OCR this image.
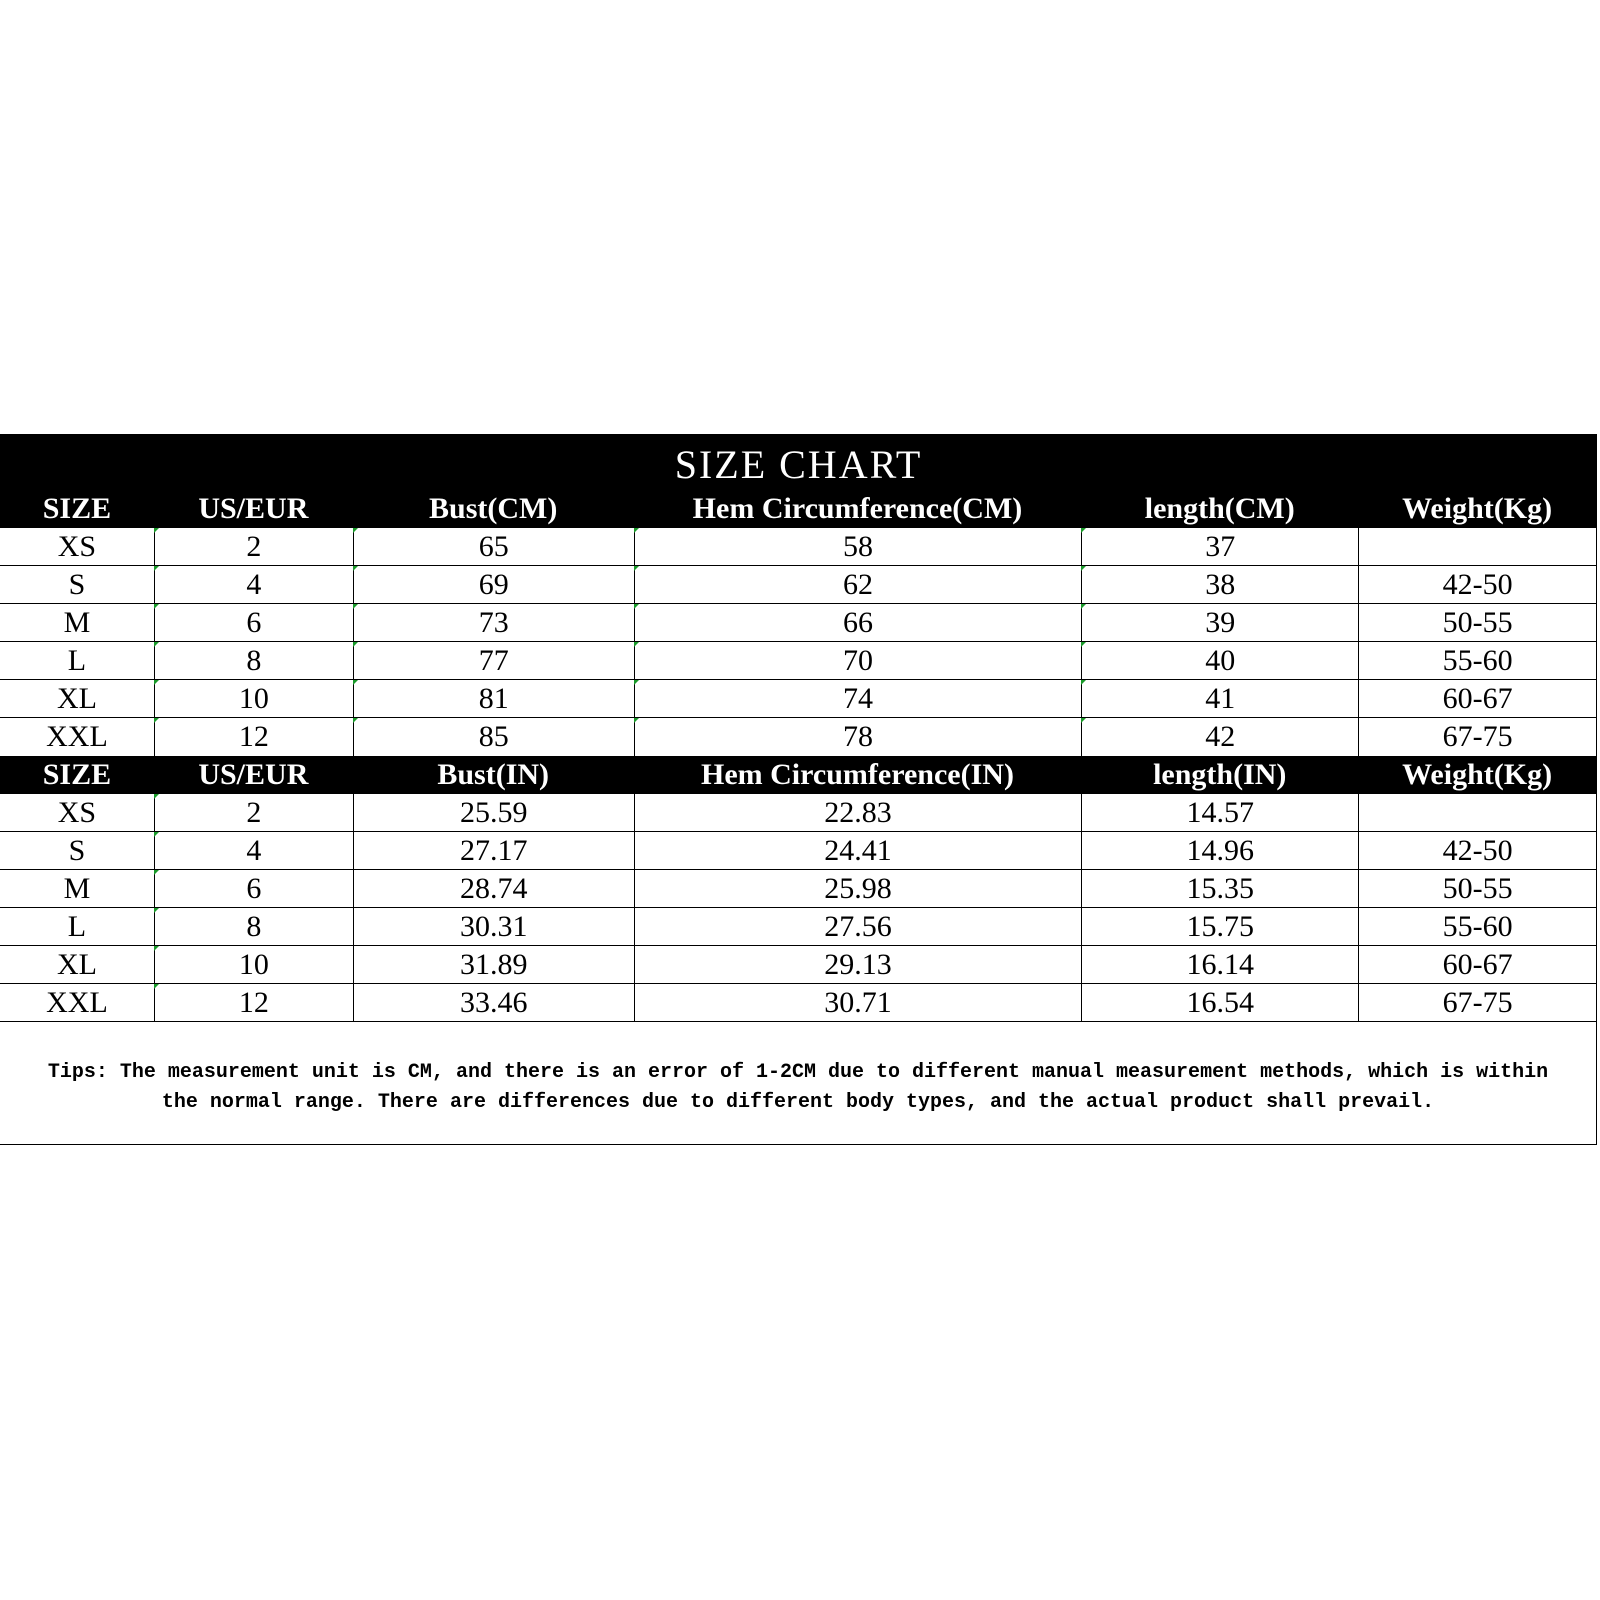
SIZE CHART
SIZE	US/EUR	Bust(CM)	Hem Circumference(CM)	length(CM)	Weight(Kg)
XS	2	65	58	37
S	4	69	62	38	42-50
M	6	73	66	39	50-55
L	8	77	70	40	55-60
XL	10	81	74	41	60-67
XXL	12	85	78	42	67-75
SIZE	US/EUR	Bust(IN)	Hem Circumference(IN)	length(IN)	Weight(Kg)
XS	2	25.59	22.83	14.57
S	4	27.17	24.41	14.96	42-50
M	6	28.74	25.98	15.35	50-55
L	8	30.31	27.56	15.75	55-60
XL	10	31.89	29.13	16.14	60-67
XXL	12	33.46	30.71	16.54	67-75
Tips: The measurement unit is CM, and there is an error of 1-2CM due to different manual measurement methods, which is within
the normal range. There are differences due to different body types, and the actual product shall prevail.
